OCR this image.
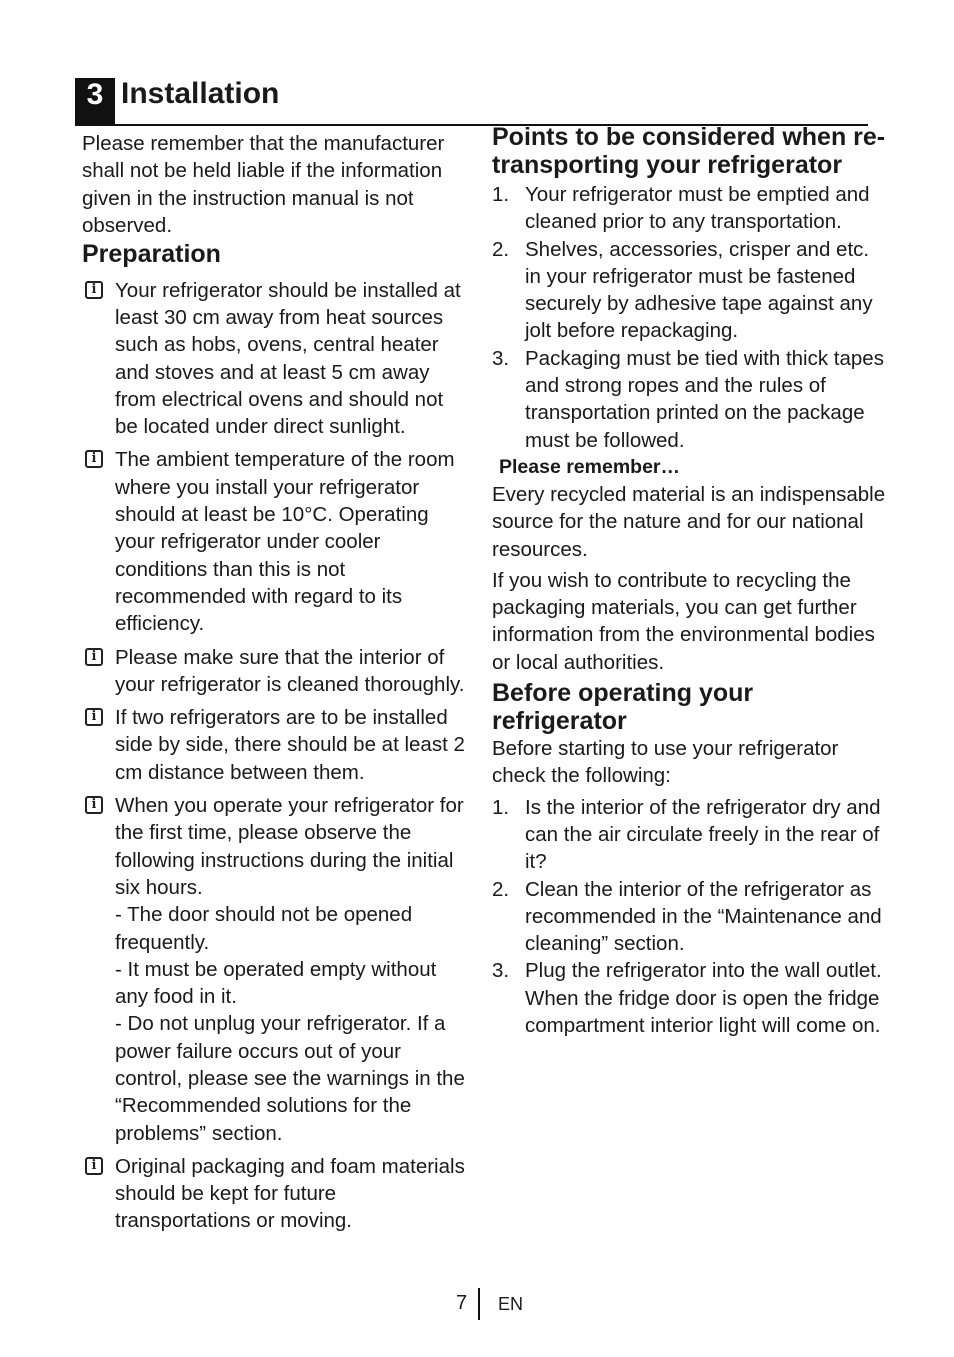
3 Installation

Please remember that the manufacturer shall not be held liable if the information given in the instruction manual is not observed.

Preparation
i Your refrigerator should be installed at least 30 cm away from heat sources such as hobs, ovens, central heater and stoves and at least 5 cm away from electrical ovens and should not be located under direct sunlight.

i The ambient temperature of the room where you install your refrigerator should at least be 10°C. Operating your refrigerator under cooler conditions than this is not recommended with regard to its efficiency.

i Please make sure that the interior of your refrigerator is cleaned thoroughly.

i If two refrigerators are to be installed side by side, there should be at least 2 cm distance between them.

i When you operate your refrigerator for the first time, please observe the following instructions during the initial six hours.

- The door should not be opened frequently.

- It must be operated empty without any food in it.

- Do not unplug your refrigerator. If a power failure occurs out of your control, please see the warnings in the “Recommended solutions for the problems” section.

i Original packaging and foam materials should be kept for future transportations or moving.

Points to be considered when re-transporting your refrigerator
1. Your refrigerator must be emptied and cleaned prior to any transportation.

2. Shelves, accessories, crisper and etc. in your refrigerator must be fastened securely by adhesive tape against any jolt before repackaging.

3. Packaging must be tied with thick tapes and strong ropes and the rules of transportation printed on the package must be followed.

Please remember…

Every recycled material is an indispensable source for the nature and for our national resources.

If you wish to contribute to recycling the packaging materials, you can get further information from the environmental bodies or local authorities.

Before operating your refrigerator

Before starting to use your refrigerator check the following:

1. Is the interior of the refrigerator dry and can the air circulate freely in the rear of it?

2. Clean the interior of the refrigerator as recommended in the “Maintenance and cleaning” section.

3. Plug the refrigerator into the wall outlet. When the fridge door is open the fridge compartment interior light will come on.

7 EN
